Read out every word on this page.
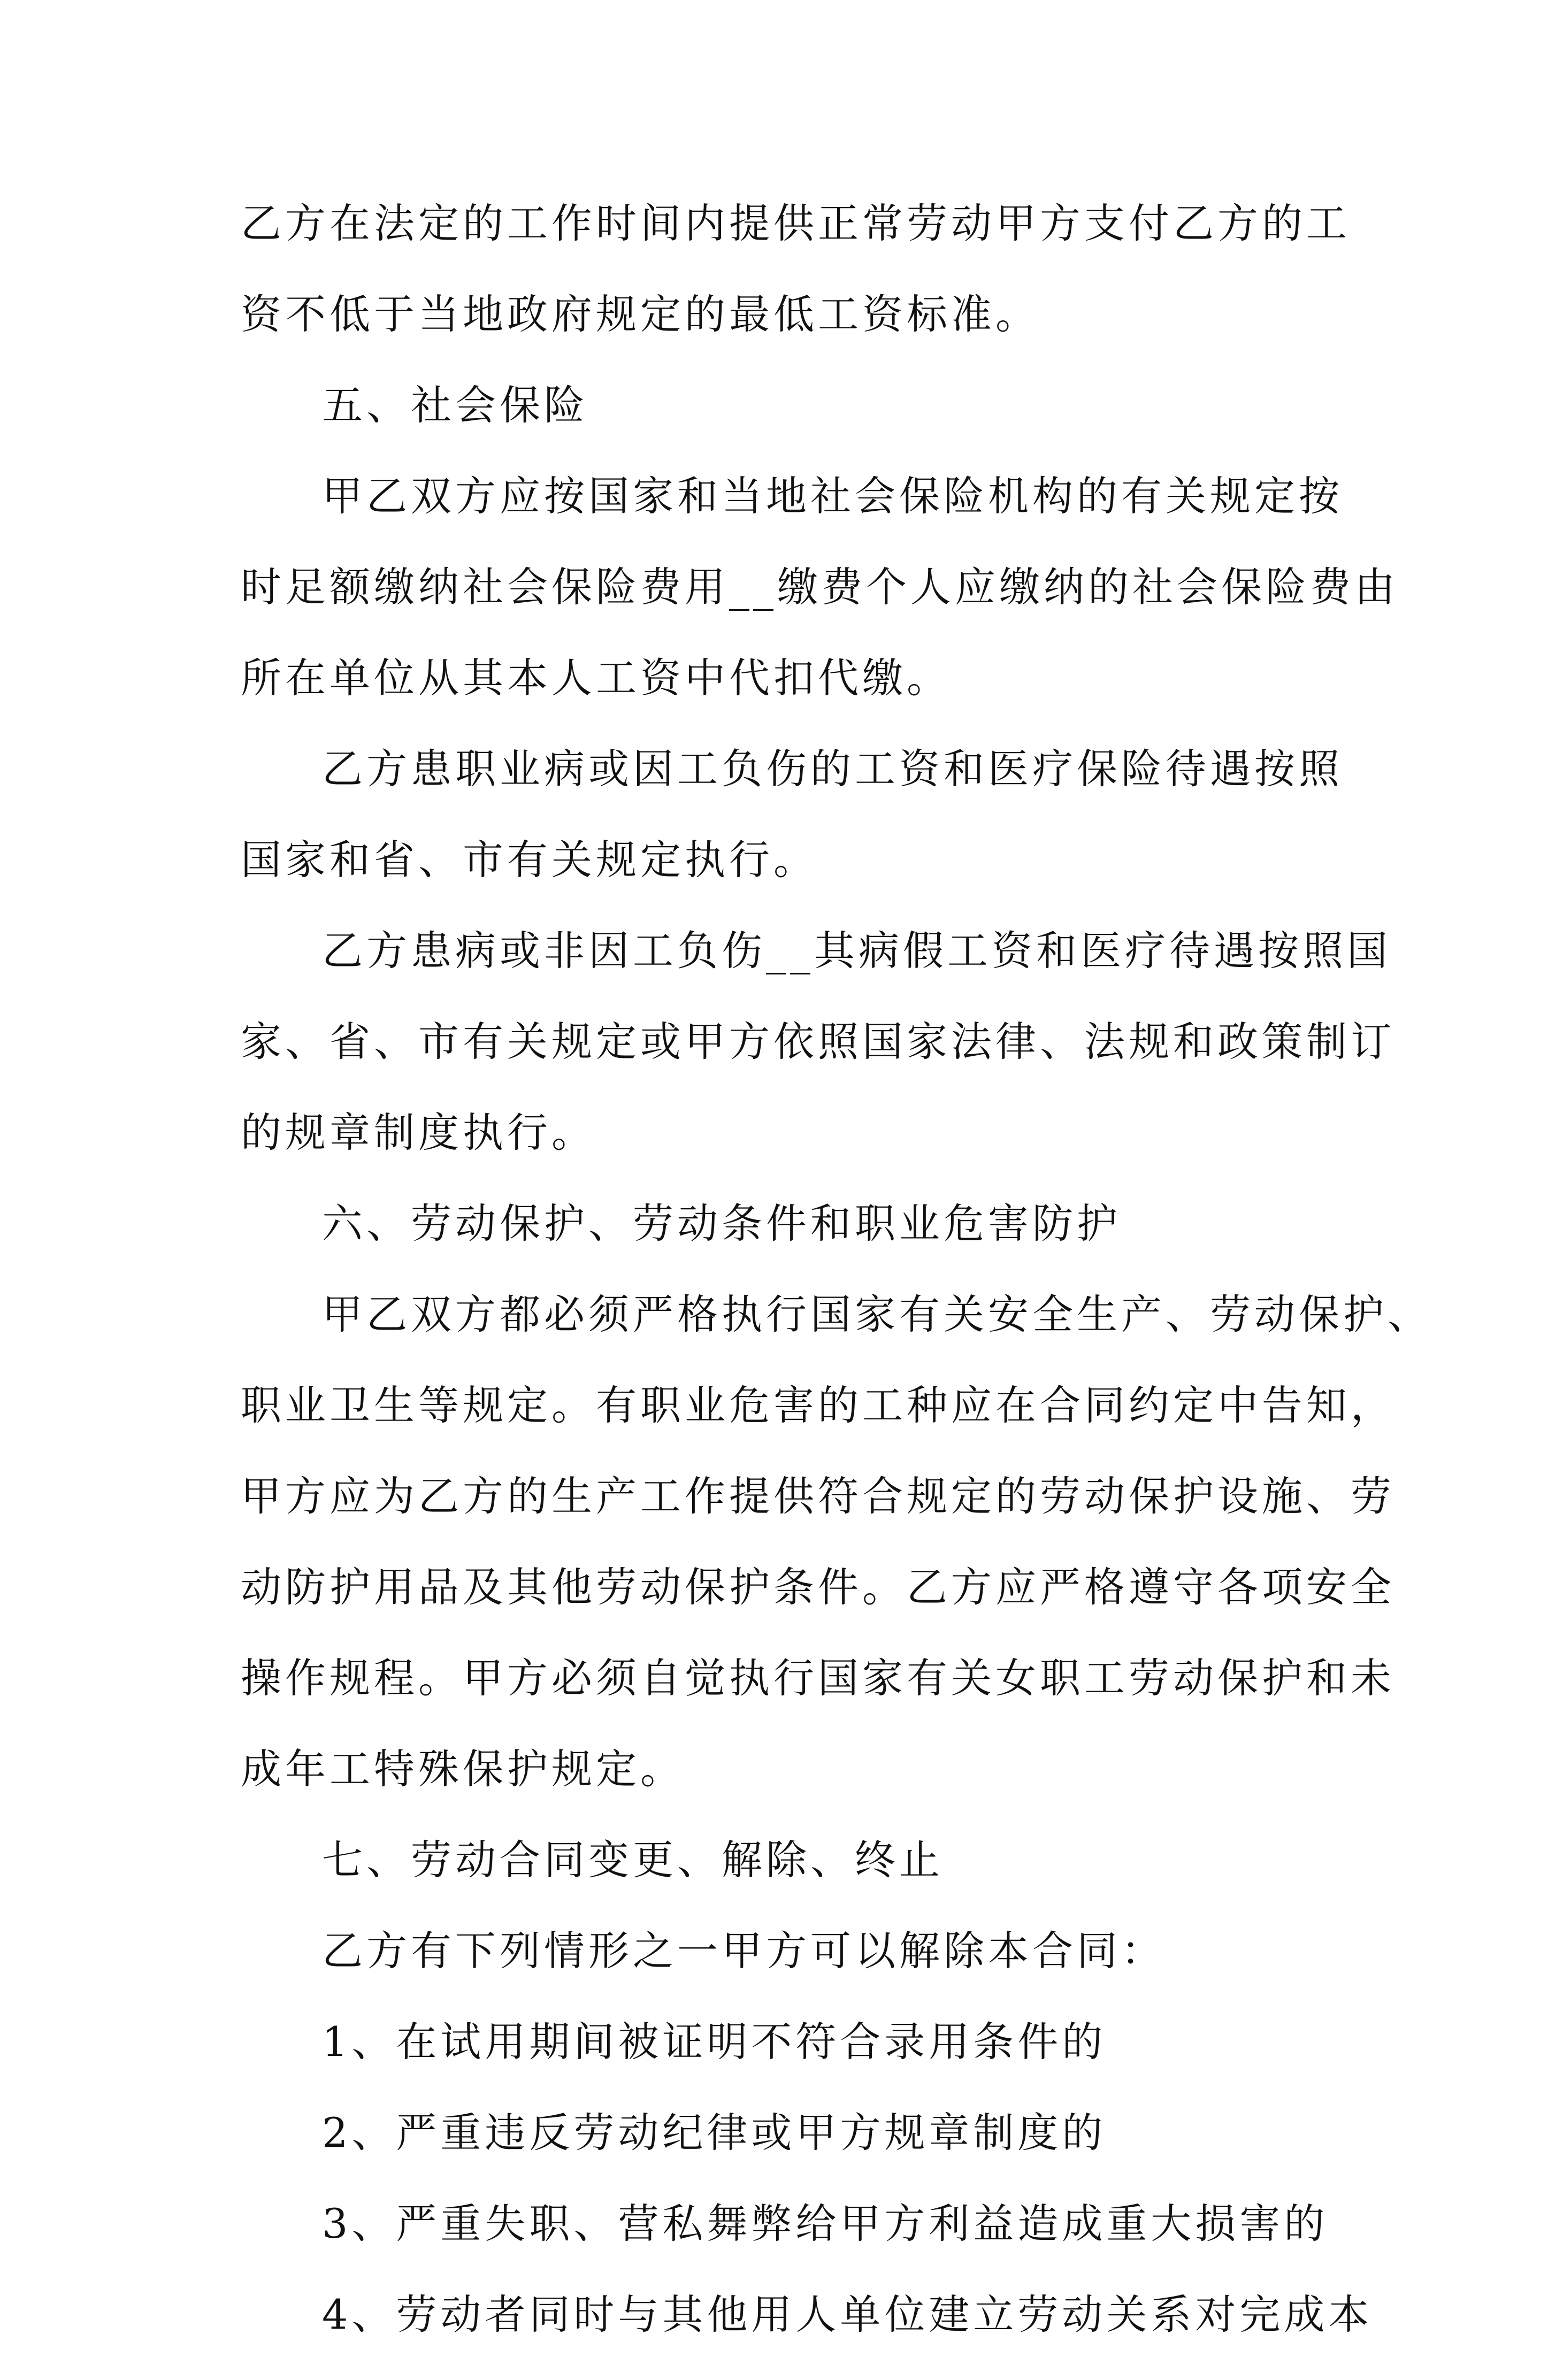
乙方在法定的工作时间内提供正常劳动甲方支付乙方的工
资不低于当地政府规定的最低工资标准。
五、社会保险
甲乙双方应按国家和当地社会保险机构的有关规定按
时足额缴纳社会保险费用__缴费个人应缴纳的社会保险费由
所在单位从其本人工资中代扣代缴。
乙方患职业病或因工负伤的工资和医疗保险待遇按照
国家和省、市有关规定执行。
乙方患病或非因工负伤__其病假工资和医疗待遇按照国
家、省、市有关规定或甲方依照国家法律、法规和政策制订
的规章制度执行。
六、劳动保护、劳动条件和职业危害防护
甲乙双方都必须严格执行国家有关安全生产、劳动保护、
职业卫生等规定。有职业危害的工种应在合同约定中告知，
甲方应为乙方的生产工作提供符合规定的劳动保护设施、劳
动防护用品及其他劳动保护条件。乙方应严格遵守各项安全
操作规程。甲方必须自觉执行国家有关女职工劳动保护和未
成年工特殊保护规定。
七、劳动合同变更、解除、终止
乙方有下列情形之一甲方可以解除本合同：
1、在试用期间被证明不符合录用条件的
2、严重违反劳动纪律或甲方规章制度的
3、严重失职、营私舞弊给甲方利益造成重大损害的
4、劳动者同时与其他用人单位建立劳动关系对完成本
